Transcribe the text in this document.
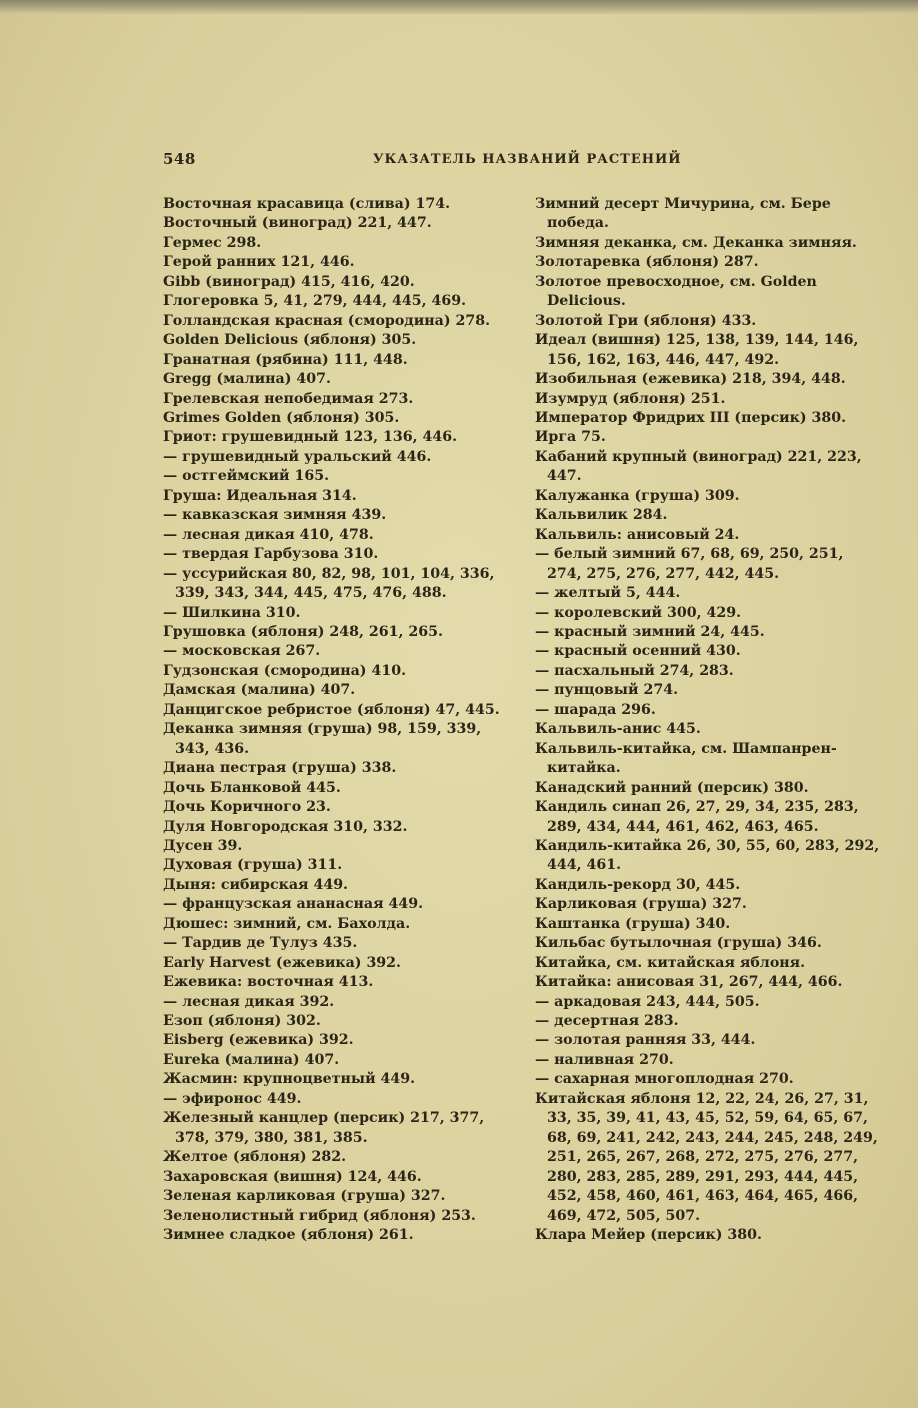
548	УКАЗАТЕЛЬ НАЗВАНИЙ РАСТЕНИЙ

Восточная красавица (слива) 174.

Восточный (виноград) 221, 447.

Гермес 298.

Герой ранних 121, 446.

Gibb (виноград) 415, 416, 420.

Глогеровка 5, 41, 279, 444, 445, 469.

Голландская красная (смородина) 278.

Golden Delicious (яблоня) 305.

Гранатная (рябина) 111, 448.

Gregg (малина) 407.

Грелевская непобедимая 273.

Grimes Golden (яблоня) 305.

Гриот: грушевидный 123, 136, 446.

— грушевидный уральский 446.

— остгеймский 165.

Груша: Идеальная 314.

— кавказская зимняя 439.

— лесная дикая 410, 478.

— твердая Гарбузова 310.

— уссурийская 80, 82, 98, 101, 104, 336, 339, 343, 344, 445, 475, 476, 488.

— Шилкина 310.

Грушовка (яблоня) 248, 261, 265.

— московская 267.

Гудзонская (смородина) 410.

Дамская (малина) 407.

Данцигское ребристое (яблоня) 47, 445.

Деканка зимняя (груша) 98, 159, 339, 343, 436.

Диана пестрая (груша) 338.

Дочь Бланковой 445.

Дочь Коричного 23.

Дуля Новгородская 310, 332.

Дусен 39.

Духовая (груша) 311.

Дыня: сибирская 449.

— французская ананасная 449.

Дюшес: зимний, см. Бахолда.

— Тардив де Тулуз 435.

Early Harvest (ежевика) 392.

Ежевика: восточная 413.

— лесная дикая 392.

Езоп (яблоня) 302.

Eisberg (ежевика) 392.

Eureka (малина) 407.

Жасмин: крупноцветный 449.

— эфиронос 449.

Железный канцлер (персик) 217, 377, 378, 379, 380, 381, 385.

Желтое (яблоня) 282.

Захаровская (вишня) 124, 446.

Зеленая карликовая (груша) 327.

Зеленолистный гибрид (яблоня) 253.

Зимнее сладкое (яблоня) 261.

Зимний десерт Мичурина, см. Бере победа.

Зимняя деканка, см. Деканка зимняя.

Золотаревка (яблоня) 287.

Золотое превосходное, см. Golden Delicious.

Золотой Гри (яблоня) 433.

Идеал (вишня) 125, 138, 139, 144, 146, 156, 162, 163, 446, 447, 492.

Изобильная (ежевика) 218, 394, 448.

Изумруд (яблоня) 251.

Император Фридрих III (персик) 380.

Ирга 75.

Кабаний крупный (виноград) 221, 223, 447.

Калужанка (груша) 309.

Кальвилик 284.

Кальвиль: анисовый 24.

— белый зимний 67, 68, 69, 250, 251, 274, 275, 276, 277, 442, 445.

— желтый 5, 444.

— королевский 300, 429.

— красный зимний 24, 445.

— красный осенний 430.

— пасхальный 274, 283.

— пунцовый 274.

— шарада 296.

Кальвиль-анис 445.

Кальвиль-китайка, см. Шампанрен-китайка.

Канадский ранний (персик) 380.

Кандиль синап 26, 27, 29, 34, 235, 283, 289, 434, 444, 461, 462, 463, 465.

Кандиль-китайка 26, 30, 55, 60, 283, 292, 444, 461.

Кандиль-рекорд 30, 445.

Карликовая (груша) 327.

Каштанка (груша) 340.

Кильбас бутылочная (груша) 346.

Китайка, см. китайская яблоня.

Китайка: анисовая 31, 267, 444, 466.

— аркадовая 243, 444, 505.

— десертная 283.

— золотая ранняя 33, 444.

— наливная 270.

— сахарная многоплодная 270.

Китайская яблоня 12, 22, 24, 26, 27, 31, 33, 35, 39, 41, 43, 45, 52, 59, 64, 65, 67, 68, 69, 241, 242, 243, 244, 245, 248, 249, 251, 265, 267, 268, 272, 275, 276, 277, 280, 283, 285, 289, 291, 293, 444, 445, 452, 458, 460, 461, 463, 464, 465, 466, 469, 472, 505, 507.

Клара Мейер (персик) 380.
